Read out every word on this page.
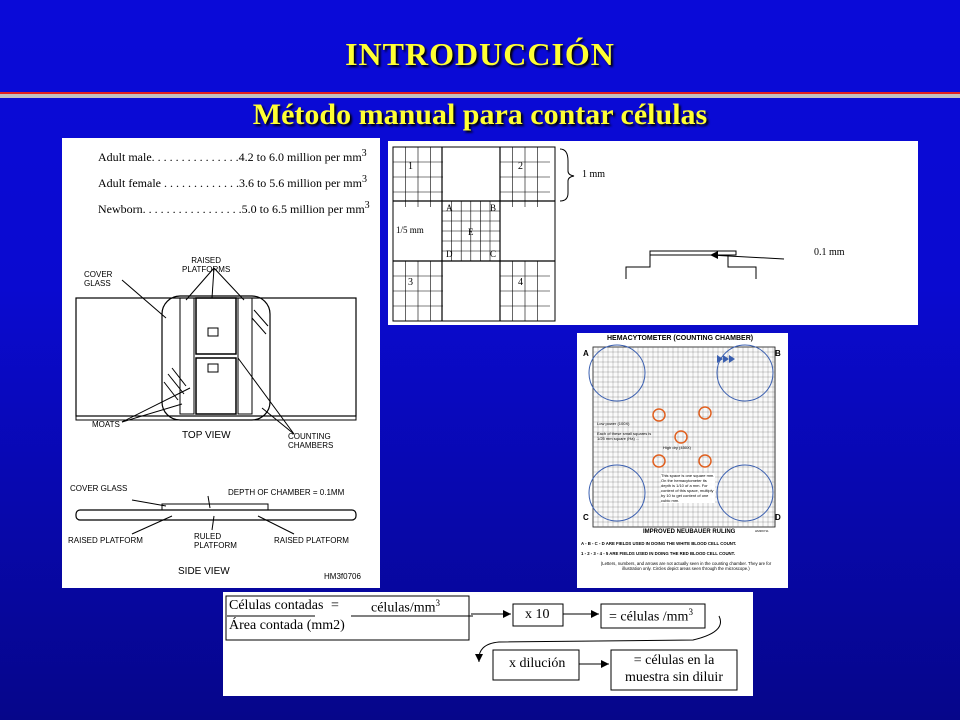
INTRODUCCIÓN
Método manual para contar células
Adult male. . . . . . . . . . . . . . .4.2 to 6.0 million per $mm^3$
Adult female . . . . . . . . . . . . .3.6 to 5.6 million per $mm^3$
Newborn. . . . . . . . . . . . . . . . .5.0 to 6.5 million per $mm^3$
RAISED
PLATFORMS
COVER
GLASS
MOATS
TOP VIEW	COUNTING
CHAMBERS
COVER GLASS	DEPTH OF CHAMBER = 0.1MM
RAISED PLATFORM	RULED
PLATFORM
RAISED PLATFORM
SIDE VIEW	HM3f0706
1	2
3	4
A	B
C
D
E
1 mm
1/5 mm
0.1 mm
HEMACYTOMETER (COUNTING CHAMBER)
A	B
C	D
Low power (100X)
Each of these small squares is 1/25 mm square (Ha) ...
High dry (450X)
This space is one square mm. On the hemacytometer its depth is 1/10 of a mm. For content of this space, multiply by 10 to get content of one cubic mm.
IMPROVED NEUBAUER RULING
A - B - C - D ARE FIELDS USED IN DOING THE WHITE BLOOD CELL COUNT.
1 - 2 - 3 - 4 - 5 ARE FIELDS USED IN DOING THE RED BLOOD CELL COUNT.
(Letters, numbers, and arrows are not actually seen in the counting chamber. They are for illustration only. Circles depict areas seen through the microscope.)
HM3f0711
Células contadas = células/$mm^3$
Área contada (mm2)
x 10	= células $/mm^3$
x dilución	= células en la
muestra sin diluir
